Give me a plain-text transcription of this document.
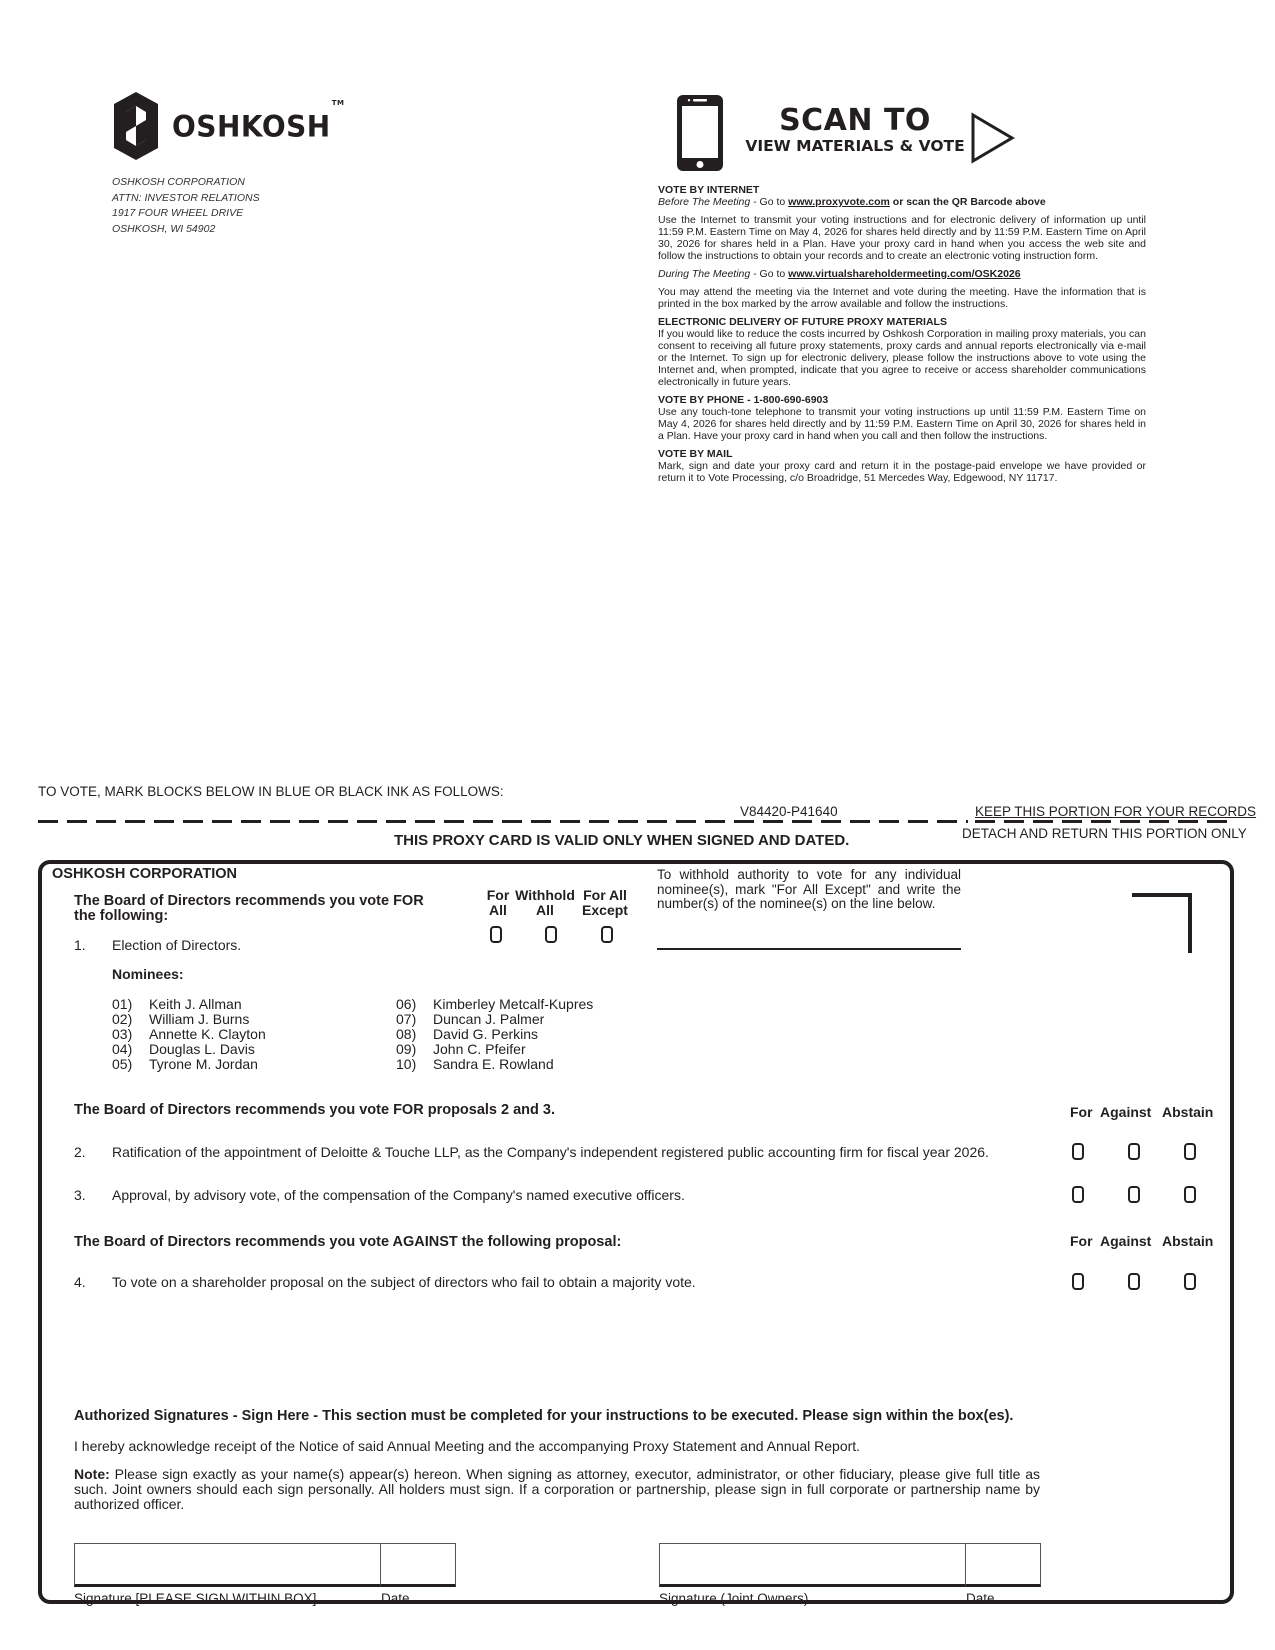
OSHKOSH™
OSHKOSH CORPORATION
ATTN: INVESTOR RELATIONS
1917 FOUR WHEEL DRIVE
OSHKOSH, WI 54902
SCAN TO
VIEW MATERIALS & VOTE
VOTE BY INTERNET
Before The Meeting - Go to www.proxyvote.com or scan the QR Barcode above
Use the Internet to transmit your voting instructions and for electronic delivery of information up until 11:59 P.M. Eastern Time on May 4, 2026 for shares held directly and by 11:59 P.M. Eastern Time on April 30, 2026 for shares held in a Plan. Have your proxy card in hand when you access the web site and follow the instructions to obtain your records and to create an electronic voting instruction form.
During The Meeting - Go to www.virtualshareholdermeeting.com/OSK2026
You may attend the meeting via the Internet and vote during the meeting. Have the information that is printed in the box marked by the arrow available and follow the instructions.
ELECTRONIC DELIVERY OF FUTURE PROXY MATERIALS
If you would like to reduce the costs incurred by Oshkosh Corporation in mailing proxy materials, you can consent to receiving all future proxy statements, proxy cards and annual reports electronically via e-mail or the Internet. To sign up for electronic delivery, please follow the instructions above to vote using the Internet and, when prompted, indicate that you agree to receive or access shareholder communications electronically in future years.
VOTE BY PHONE - 1-800-690-6903
Use any touch-tone telephone to transmit your voting instructions up until 11:59 P.M. Eastern Time on May 4, 2026 for shares held directly and by 11:59 P.M. Eastern Time on April 30, 2026 for shares held in a Plan. Have your proxy card in hand when you call and then follow the instructions.
VOTE BY MAIL
Mark, sign and date your proxy card and return it in the postage-paid envelope we have provided or return it to Vote Processing, c/o Broadridge, 51 Mercedes Way, Edgewood, NY 11717.
TO VOTE, MARK BLOCKS BELOW IN BLUE OR BLACK INK AS FOLLOWS:
V84420-P41640	KEEP THIS PORTION FOR YOUR RECORDS
DETACH AND RETURN THIS PORTION ONLY
THIS PROXY CARD IS VALID ONLY WHEN SIGNED AND DATED.
OSHKOSH CORPORATION
The Board of Directors recommends you vote FOR the following:
For
All
Withhold
All
For All
Except
To withhold authority to vote for any individual nominee(s), mark "For All Except" and write the number(s) of the nominee(s) on the line below.
1. Election of Directors.
Nominees:
01) Keith J. Allman
02) William J. Burns
03) Annette K. Clayton
04) Douglas L. Davis
05) Tyrone M. Jordan
06) Kimberley Metcalf-Kupres
07) Duncan J. Palmer
08) David G. Perkins
09) John C. Pfeifer
10) Sandra E. Rowland
The Board of Directors recommends you vote FOR proposals 2 and 3.	For Against Abstain
2. Ratification of the appointment of Deloitte & Touche LLP, as the Company's independent registered public accounting firm for fiscal year 2026.
3. Approval, by advisory vote, of the compensation of the Company's named executive officers.
The Board of Directors recommends you vote AGAINST the following proposal:	For Against Abstain
4. To vote on a shareholder proposal on the subject of directors who fail to obtain a majority vote.
Authorized Signatures - Sign Here - This section must be completed for your instructions to be executed. Please sign within the box(es).
I hereby acknowledge receipt of the Notice of said Annual Meeting and the accompanying Proxy Statement and Annual Report.
Note: Please sign exactly as your name(s) appear(s) hereon. When signing as attorney, executor, administrator, or other fiduciary, please give full title as such. Joint owners should each sign personally. All holders must sign. If a corporation or partnership, please sign in full corporate or partnership name by authorized officer.
Signature [PLEASE SIGN WITHIN BOX]	Date	Signature (Joint Owners)	Date
